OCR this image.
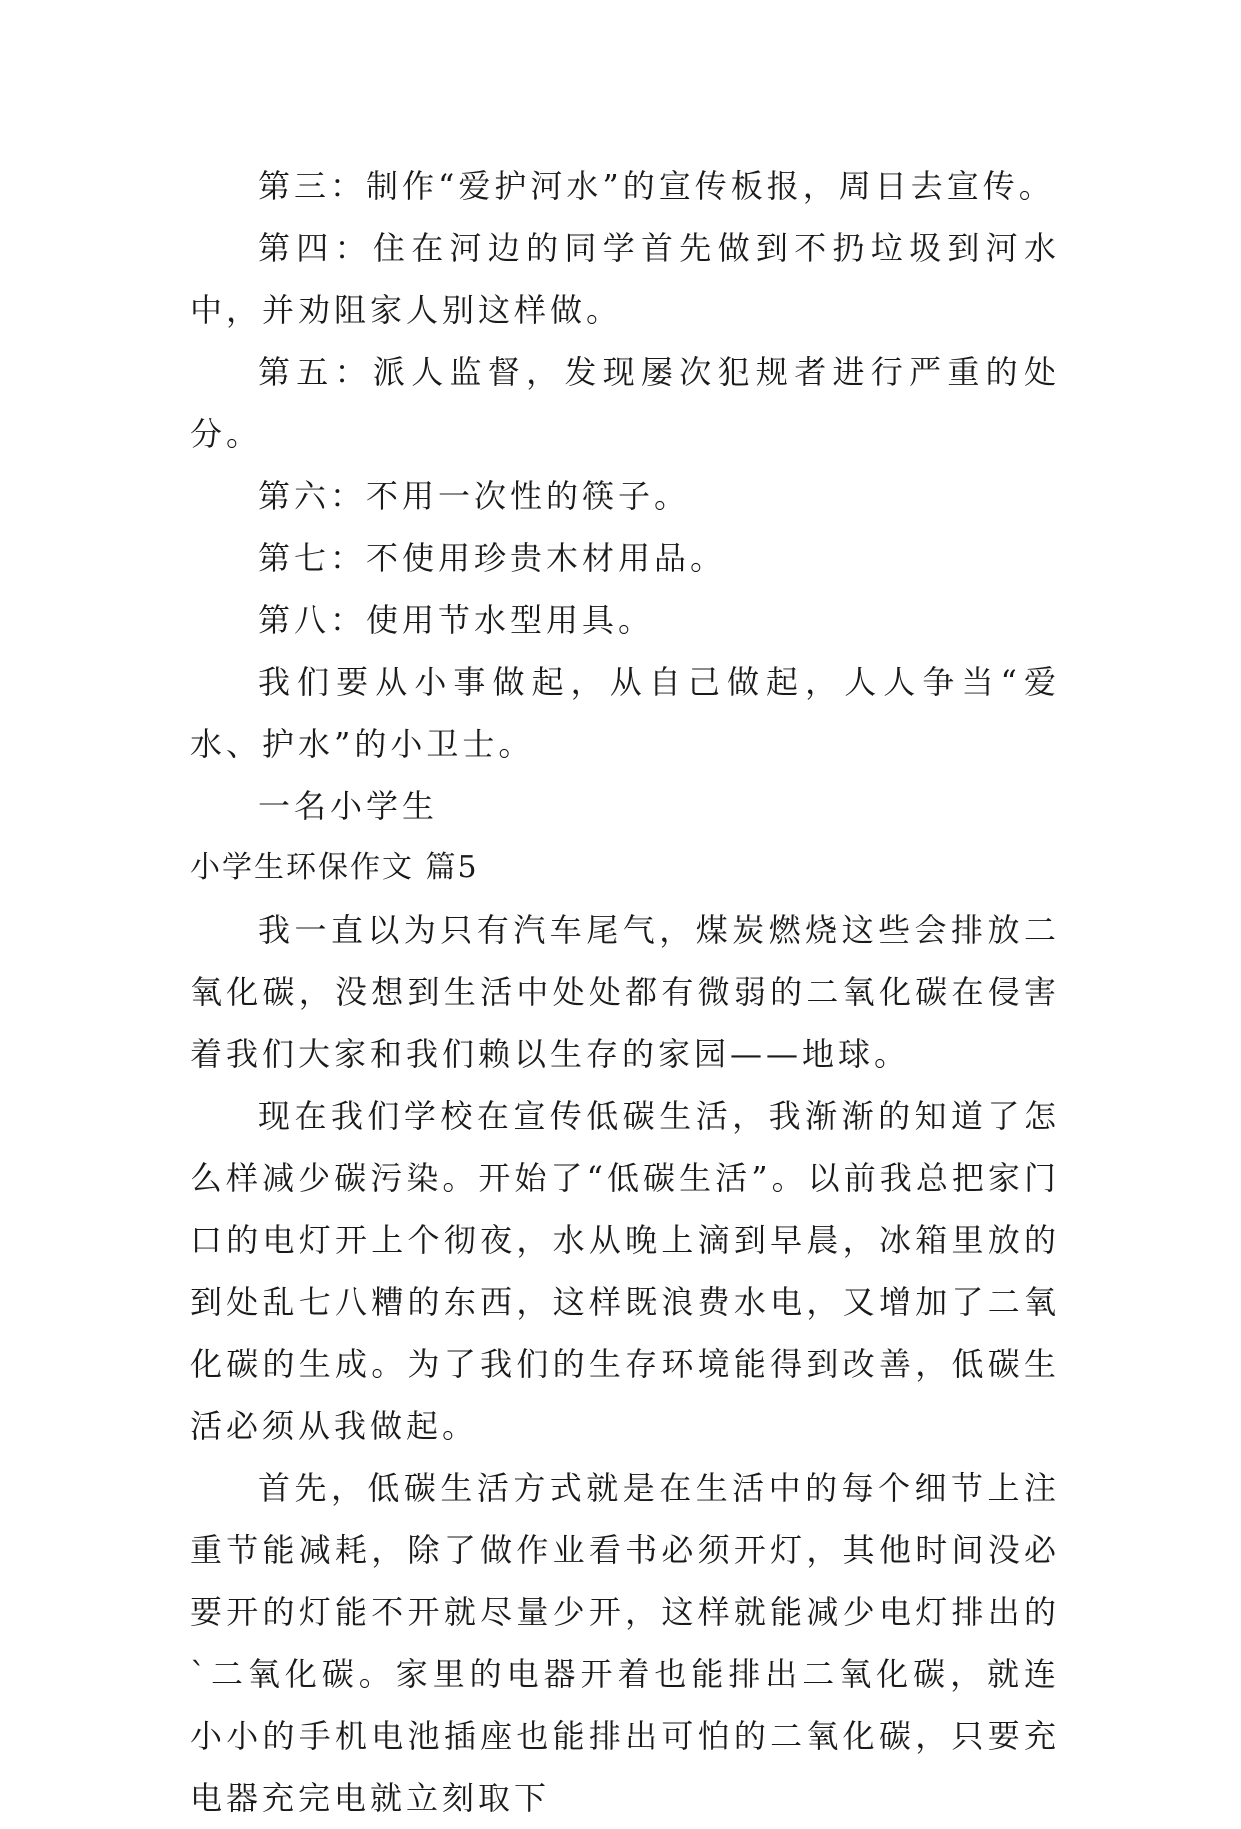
第三：制作“爱护河水”的宣传板报，周日去宣传。

第四：住在河边的同学首先做到不扔垃圾到河水中，并劝阻家人别这样做。

第五：派人监督，发现屡次犯规者进行严重的处分。

第六：不用一次性的筷子。

第七：不使用珍贵木材用品。

第八：使用节水型用具。

我们要从小事做起，从自己做起，人人争当“爱水、护水”的小卫士。

一名小学生

小学生环保作文 篇5

我一直以为只有汽车尾气，煤炭燃烧这些会排放二氧化碳，没想到生活中处处都有微弱的二氧化碳在侵害着我们大家和我们赖以生存的家园——地球。

现在我们学校在宣传低碳生活，我渐渐的知道了怎么样减少碳污染。开始了“低碳生活”。以前我总把家门口的电灯开上个彻夜，水从晚上滴到早晨，冰箱里放的到处乱七八糟的东西，这样既浪费水电，又增加了二氧化碳的生成。为了我们的生存环境能得到改善，低碳生活必须从我做起。

首先，低碳生活方式就是在生活中的每个细节上注重节能减耗，除了做作业看书必须开灯，其他时间没必要开的灯能不开就尽量少开，这样就能减少电灯排出的`二氧化碳。家里的电器开着也能排出二氧化碳，就连小小的手机电池插座也能排出可怕的二氧化碳，只要充电器充完电就立刻取下
